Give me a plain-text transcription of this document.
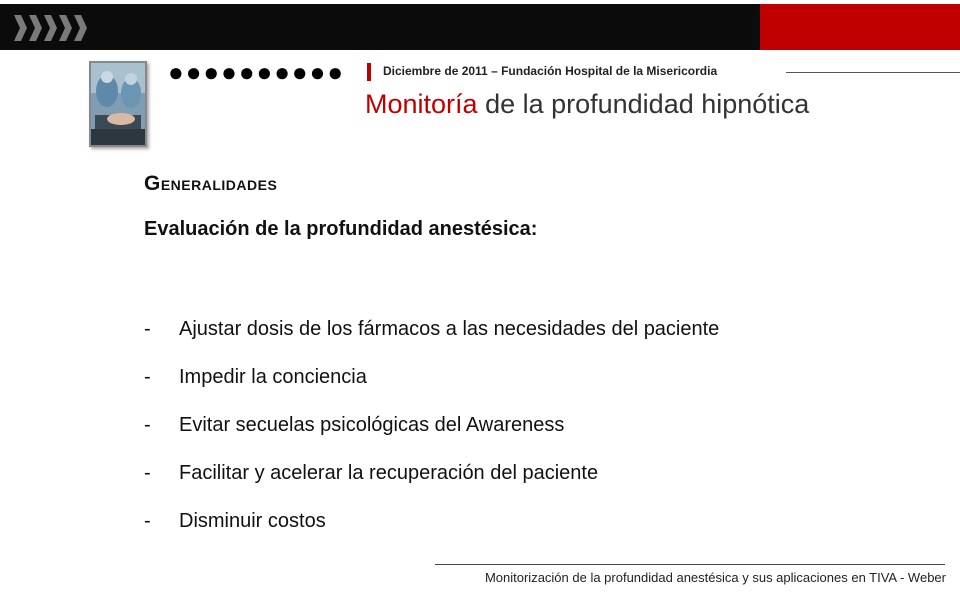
●●●●●●●●●●	Diciembre de 2011 – Fundación Hospital de la Misericordia
Monitoría de la profundidad hipnótica
GENERALIDADES
Evaluación de la profundidad anestésica:
- Ajustar dosis de los fármacos a las necesidades del paciente
- Impedir la conciencia
- Evitar secuelas psicológicas del Awareness
- Facilitar y acelerar la recuperación del paciente
- Disminuir costos
Monitorización de la profundidad anestésica y sus aplicaciones en TIVA - Weber
